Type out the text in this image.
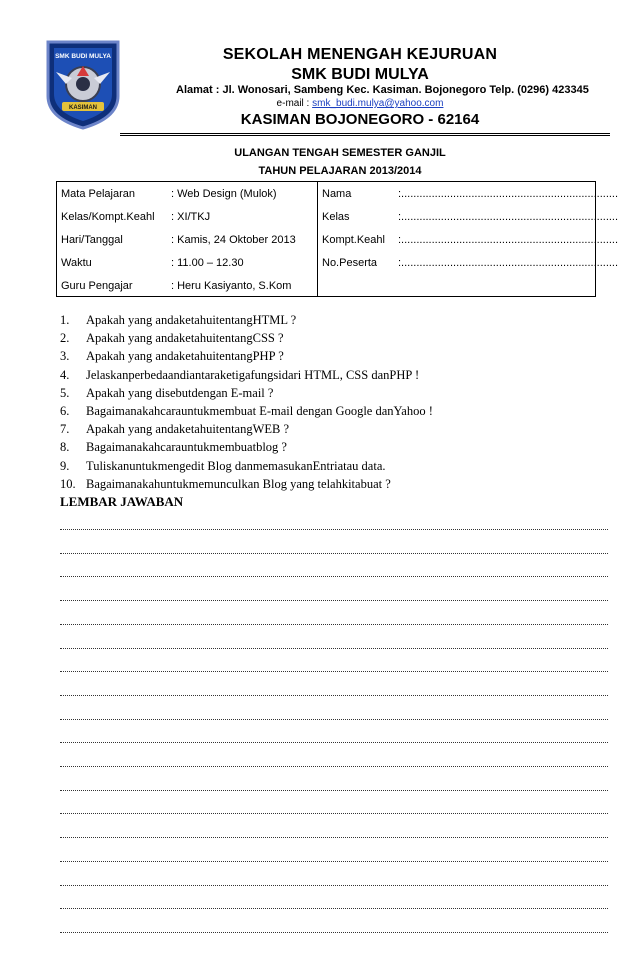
SMK BUDI MULYA
KASIMAN
SEKOLAH MENENGAH KEJURUAN
SMK BUDI MULYA
Alamat : Jl. Wonosari, Sambeng Kec. Kasiman. Bojonegoro Telp. (0296) 423345
e-mail : smk_budi.mulya@yahoo.com
KASIMAN BOJONEGORO - 62164
ULANGAN TENGAH SEMESTER GANJIL
TAHUN PELAJARAN 2013/2014
Mata Pelajaran	: Web Design (Mulok)
Kelas/Kompt.Keahl : XI/TKJ
Hari/Tanggal	: Kamis, 24 Oktober 2013
Waktu	: 11.00 – 12.30
Guru Pengajar	: Heru Kasiyanto, S.Kom
Nama	:.......................................................................
Kelas	:.......................................................................
Kompt.Keahl :.......................................................................
No.Peserta :.......................................................................
1.	Apakah yang andaketahuitentangHTML ?
2.	Apakah yang andaketahuitentangCSS ?
3.	Apakah yang andaketahuitentangPHP ?
4.	Jelaskanperbedaandiantaraketigafungsidari HTML, CSS danPHP !
5.	Apakah yang disebutdengan E-mail ?
6.	Bagaimanakahcarauntukmembuat E-mail dengan Google danYahoo !
7.	Apakah yang andaketahuitentangWEB ?
8.	Bagaimanakahcarauntukmembuatblog ?
9.	Tuliskanuntukmengedit Blog danmemasukanEntriatau data.
10. Bagaimanakahuntukmemunculkan Blog yang telahkitabuat ?
LEMBAR JAWABAN
